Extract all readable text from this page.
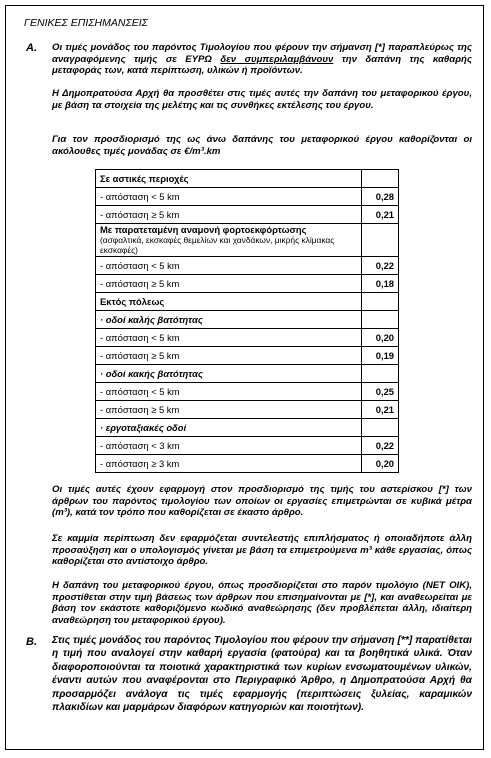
ΓΕΝΙΚΕΣ ΕΠΙΣΗΜΑΝΣΕΙΣ
Α. Οι τιμές μονάδος του παρόντος Τιμολογίου που φέρουν την σήμανση [*] παραπλεύρως της αναγραφόμενης τιμής σε ΕΥΡΩ δεν συμπεριλαμβάνουν την δαπάνη της καθαρής μεταφοράς των, κατά περίπτωση, υλικών ή προϊόντων.
Η Δημοπρατούσα Αρχή θα προσθέτει στις τιμές αυτές την δαπάνη του μεταφορικού έργου, με βάση τα στοιχεία της μελέτης και τις συνθήκες εκτέλεσης του έργου.
Για τον προσδιορισμό της ως άνω δαπάνης του μεταφορικού έργου καθορίζονται οι ακόλουθες τιμές μονάδας σε €/m³.km
Σε αστικές περιοχές	
- απόσταση < 5 km	0,28
- απόσταση ≥ 5 km	0,21
Με παρατεταμένη αναμονή φορτοεκφόρτωσης
(ασφαλτικά, εκσκαφές θεμελίων και χανδάκων, μικρής κλίμακας εκσκαφές)	
- απόσταση < 5 km	0,22
- απόσταση ≥ 5 km	0,18
Εκτός πόλεως	
· οδοί καλής βατότητας	
- απόσταση < 5 km	0,20
- απόσταση ≥ 5 km	0,19
· οδοί κακής βατότητας	
- απόσταση < 5 km	0,25
- απόσταση ≥ 5 km	0,21
· εργοταξιακές οδοί	
- απόσταση < 3 km	0,22
- απόσταση ≥ 3 km	0,20
Οι τιμές αυτές έχουν εφαρμογή στον προσδιορισμό της τιμής του αστερίσκου [*] των άρθρων του παρόντος τιμολογίου των οποίων οι εργασίες επιμετρώνται σε κυβικά μέτρα (m³), κατά τον τρόπο που καθορίζεται σε έκαστο άρθρο.
Σε καμμία περίπτωση δεν εφαρμόζεται συντελεστής επιπλήσματος ή οποιαδήποτε άλλη προσαύξηση και ο υπολογισμός γίνεται με βάση τα επιμετρούμενα m³ κάθε εργασίας, όπως καθορίζεται στο αντίστοιχο άρθρο.
Η δαπάνη του μεταφορικού έργου, όπως προσδιορίζεται στο παρόν τιμολόγιο (NET OIK), προστίθεται στην τιμή βάσεως των άρθρων που επισημαίνονται με [*], και αναθεωρείται με βάση τον εκάστοτε καθοριζόμενο κωδικό αναθεώρησης (δεν προβλέπεται άλλη, ιδιαίτερη αναθεώρηση του μεταφορικού έργου).
Β. Στις τιμές μονάδος του παρόντος Τιμολογίου που φέρουν την σήμανση [**] παρατίθεται η τιμή που αναλογεί στην καθαρή εργασία (φατούρα) και τα βοηθητικά υλικά. Όταν διαφοροποιούνται τα ποιοτικά χαρακτηριστικά των κυρίων ενσωματουμένων υλικών, έναντι αυτών που αναφέρονται στο Περιγραφικό Άρθρο, η Δημοπρατούσα Αρχή θα προσαρμόζει ανάλογα τις τιμές εφαρμογής (περιπτώσεις ξυλείας, καραμικών πλακιδίων και μαρμάρων διαφόρων κατηγοριών και ποιοτήτων).
